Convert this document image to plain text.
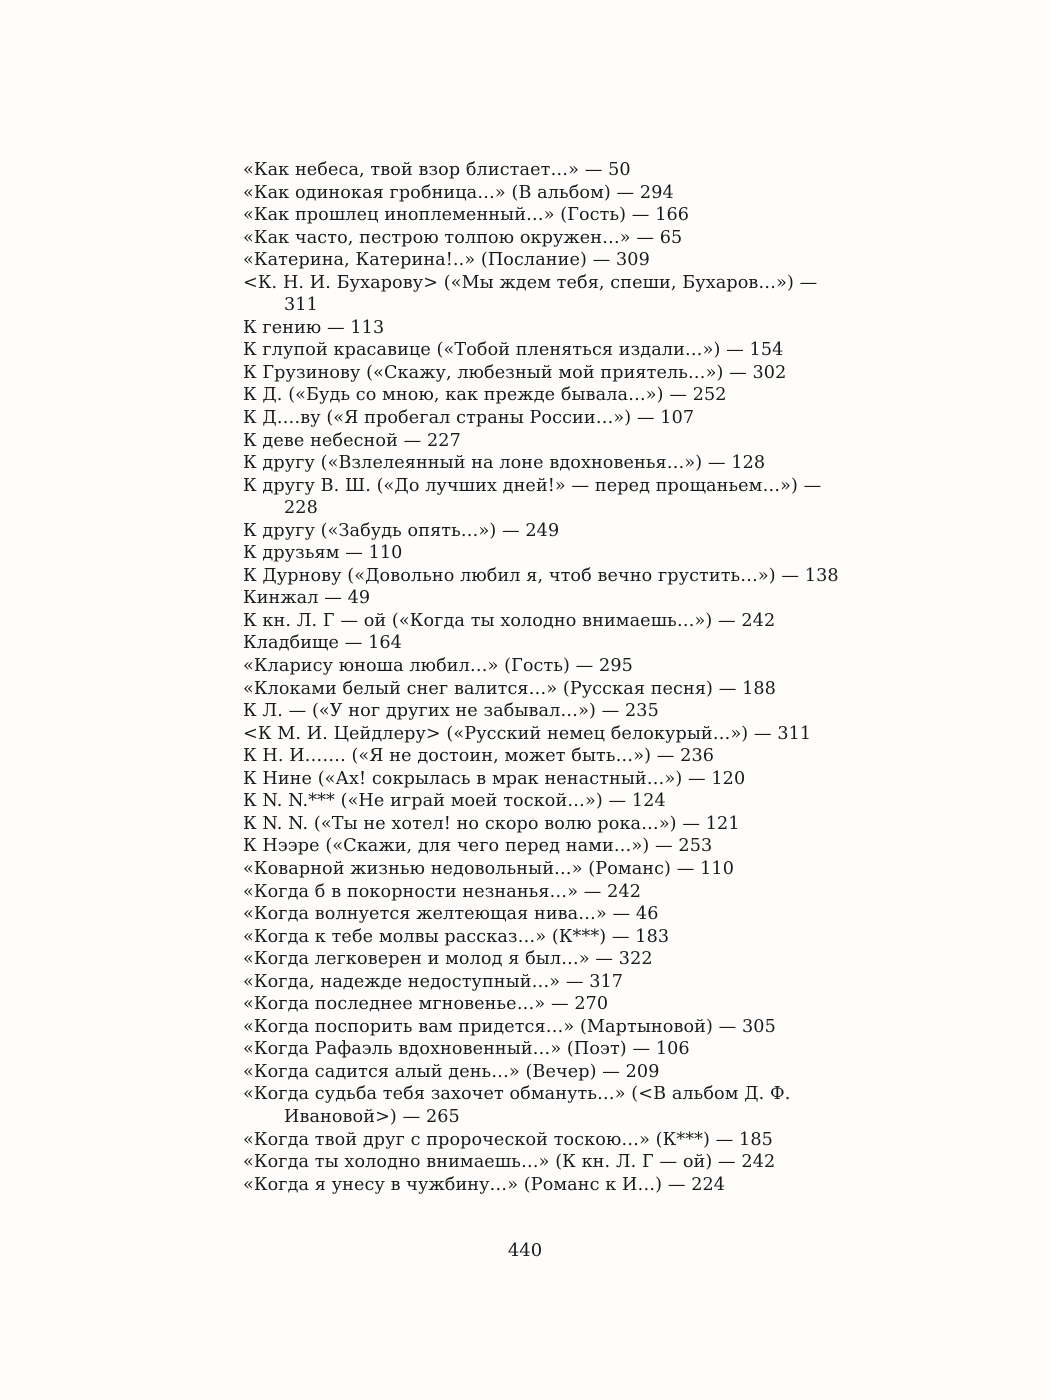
«Как небеса, твой взор блистает…» — 50
«Как одинокая гробница…» (В альбом) — 294
«Как прошлец иноплеменный…» (Гость) — 166
«Как часто, пестрою толпою окружен…» — 65
«Катерина, Катерина!..» (Послание) — 309
<К. Н. И. Бухарову> («Мы ждем тебя, спеши, Бухаров…») — 311
К гению — 113
К глупой красавице («Тобой пленяться издали…») — 154
К Грузинову («Скажу, любезный мой приятель…») — 302
К Д. («Будь со мною, как прежде бывала…») — 252
К Д….ву («Я пробегал страны России…») — 107
К деве небесной — 227
К другу («Взлелеянный на лоне вдохновенья…») — 128
К другу В. Ш. («До лучших дней!» — перед прощаньем…») — 228
К другу («Забудь опять…») — 249
К друзьям — 110
К Дурнову («Довольно любил я, чтоб вечно грустить…») — 138
Кинжал — 49
К кн. Л. Г — ой («Когда ты холодно внимаешь…») — 242
Кладбище — 164
«Кларису юноша любил…» (Гость) — 295
«Клоками белый снег валится…» (Русская песня) — 188
К Л. — («У ног других не забывал…») — 235
<К М. И. Цейдлеру> («Русский немец белокурый…») — 311
К Н. И……. («Я не достоин, может быть…») — 236
К Нине («Ах! сокрылась в мрак ненастный…») — 120
К N. N.*** («Не играй моей тоской…») — 124
К N. N. («Ты не хотел! но скоро волю рока…») — 121
К Нээре («Скажи, для чего перед нами…») — 253
«Коварной жизнью недовольный…» (Романс) — 110
«Когда б в покорности незнанья…» — 242
«Когда волнуется желтеющая нива…» — 46
«Когда к тебе молвы рассказ…» (К***) — 183
«Когда легковерен и молод я был…» — 322
«Когда, надежде недоступный…» — 317
«Когда последнее мгновенье…» — 270
«Когда поспорить вам придется…» (Мартыновой) — 305
«Когда Рафаэль вдохновенный…» (Поэт) — 106
«Когда садится алый день…» (Вечер) — 209
«Когда судьба тебя захочет обмануть…» (<В альбом Д. Ф. Ивановой>) — 265
«Когда твой друг с пророческой тоскою…» (К***) — 185
«Когда ты холодно внимаешь…» (К кн. Л. Г — ой) — 242
«Когда я унесу в чужбину…» (Романс к И…) — 224
440
